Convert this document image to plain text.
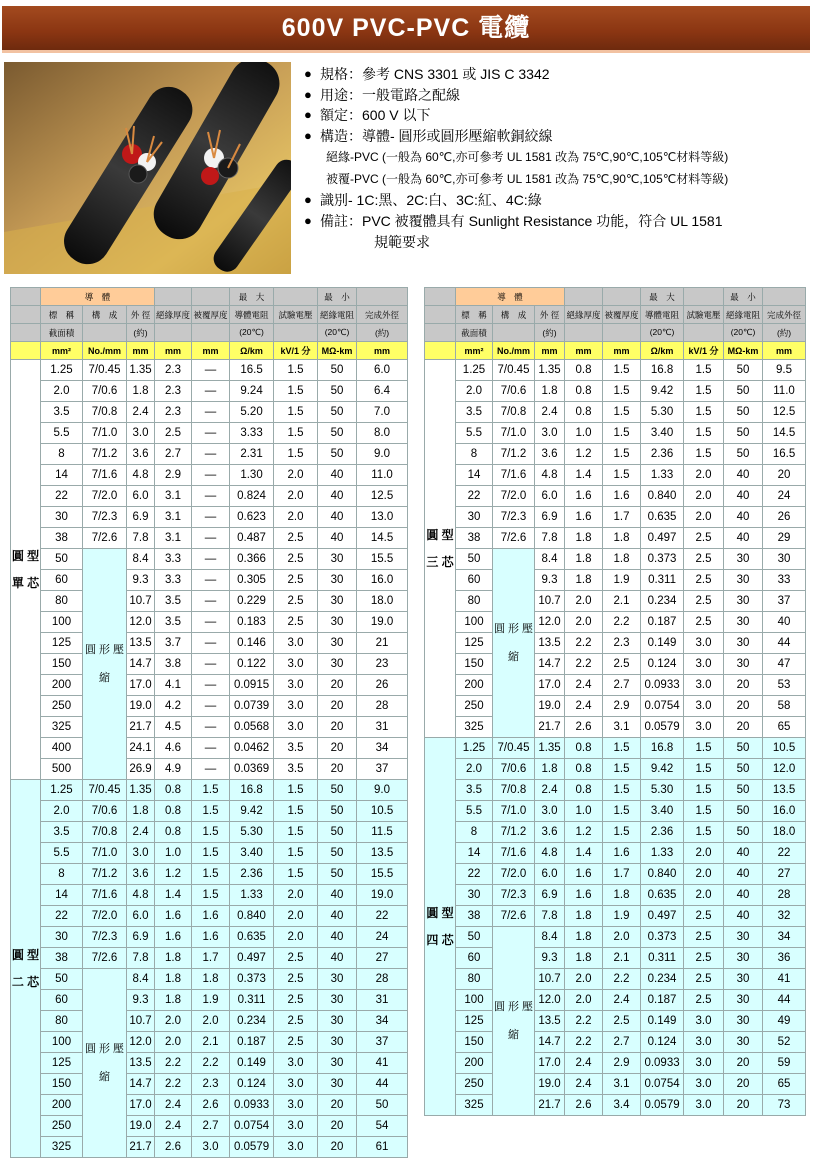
600V PVC-PVC 電纜
● 規格：參考 CNS 3301 或 JIS C 3342
● 用途：一般電路之配線
● 額定：600 V 以下
● 構造：導體- 圓形或圓形壓縮軟銅絞線
絕緣-PVC (一般為 60℃,亦可參考 UL 1581 改為 75℃,90℃,105℃材料等級)
被覆-PVC (一般為 60℃,亦可參考 UL 1581 改為 75℃,90℃,105℃材料等級)
● 識別- 1C:黑、2C:白、3C:紅、4C:綠
● 備註：PVC 被覆體具有 Sunlight Resistance 功能，符合 UL 1581
規範要求
	導　體					最　大		最　小	
	標　稱	構　成	外 徑	絕緣厚度	被覆厚度	導體電阻	試驗電壓	絕緣電阻	完成外徑
	截面積		(約)			(20℃)		(20℃)	(約)
	mm²	No./mm	mm	mm	mm	Ω/km	kV/1 分	MΩ-km	mm
圓 型 單 芯	1.25	7/0.45	1.35	2.3	—	16.5	1.5	50	6.0
	2.0	7/0.6	1.8	2.3	—	9.24	1.5	50	6.4
	3.5	7/0.8	2.4	2.3	—	5.20	1.5	50	7.0
	5.5	7/1.0	3.0	2.5	—	3.33	1.5	50	8.0
	8	7/1.2	3.6	2.7	—	2.31	1.5	50	9.0
	14	7/1.6	4.8	2.9	—	1.30	2.0	40	11.0
	22	7/2.0	6.0	3.1	—	0.824	2.0	40	12.5
	30	7/2.3	6.9	3.1	—	0.623	2.0	40	13.0
	38	7/2.6	7.8	3.1	—	0.487	2.5	40	14.5
	50	圓 形 壓 縮	8.4	3.3	—	0.366	2.5	30	15.5
	60		9.3	3.3	—	0.305	2.5	30	16.0
	80		10.7	3.5	—	0.229	2.5	30	18.0
	100		12.0	3.5	—	0.183	2.5	30	19.0
	125		13.5	3.7	—	0.146	3.0	30	21
	150		14.7	3.8	—	0.122	3.0	30	23
	200		17.0	4.1	—	0.0915	3.0	20	26
	250		19.0	4.2	—	0.0739	3.0	20	28
	325		21.7	4.5	—	0.0568	3.0	20	31
	400		24.1	4.6	—	0.0462	3.5	20	34
	500		26.9	4.9	—	0.0369	3.5	20	37
圓 型 二 芯	1.25	7/0.45	1.35	0.8	1.5	16.8	1.5	50	9.0
	2.0	7/0.6	1.8	0.8	1.5	9.42	1.5	50	10.5
	3.5	7/0.8	2.4	0.8	1.5	5.30	1.5	50	11.5
	5.5	7/1.0	3.0	1.0	1.5	3.40	1.5	50	13.5
	8	7/1.2	3.6	1.2	1.5	2.36	1.5	50	15.5
	14	7/1.6	4.8	1.4	1.5	1.33	2.0	40	19.0
	22	7/2.0	6.0	1.6	1.6	0.840	2.0	40	22
	30	7/2.3	6.9	1.6	1.6	0.635	2.0	40	24
	38	7/2.6	7.8	1.8	1.7	0.497	2.5	40	27
	50	圓 形 壓 縮	8.4	1.8	1.8	0.373	2.5	30	28
	60		9.3	1.8	1.9	0.311	2.5	30	31
	80		10.7	2.0	2.0	0.234	2.5	30	34
	100		12.0	2.0	2.1	0.187	2.5	30	37
	125		13.5	2.2	2.2	0.149	3.0	30	41
	150		14.7	2.2	2.3	0.124	3.0	30	44
	200		17.0	2.4	2.6	0.0933	3.0	20	50
	250		19.0	2.4	2.7	0.0754	3.0	20	54
	325		21.7	2.6	3.0	0.0579	3.0	20	61
	導　體					最　大		最　小	
	標　稱	構　成	外 徑	絕緣厚度	被覆厚度	導體電阻	試驗電壓	絕緣電阻	完成外徑
	截面積		(約)			(20℃)		(20℃)	(約)
	mm²	No./mm	mm	mm	mm	Ω/km	kV/1 分	MΩ-km	mm
圓 型 三 芯	1.25	7/0.45	1.35	0.8	1.5	16.8	1.5	50	9.5
	2.0	7/0.6	1.8	0.8	1.5	9.42	1.5	50	11.0
	3.5	7/0.8	2.4	0.8	1.5	5.30	1.5	50	12.5
	5.5	7/1.0	3.0	1.0	1.5	3.40	1.5	50	14.5
	8	7/1.2	3.6	1.2	1.5	2.36	1.5	50	16.5
	14	7/1.6	4.8	1.4	1.5	1.33	2.0	40	20
	22	7/2.0	6.0	1.6	1.6	0.840	2.0	40	24
	30	7/2.3	6.9	1.6	1.7	0.635	2.0	40	26
	38	7/2.6	7.8	1.8	1.8	0.497	2.5	40	29
	50	圓 形 壓 縮	8.4	1.8	1.8	0.373	2.5	30	30
	60		9.3	1.8	1.9	0.311	2.5	30	33
	80		10.7	2.0	2.1	0.234	2.5	30	37
	100		12.0	2.0	2.2	0.187	2.5	30	40
	125		13.5	2.2	2.3	0.149	3.0	30	44
	150		14.7	2.2	2.5	0.124	3.0	30	47
	200		17.0	2.4	2.7	0.0933	3.0	20	53
	250		19.0	2.4	2.9	0.0754	3.0	20	58
	325		21.7	2.6	3.1	0.0579	3.0	20	65
圓 型 四 芯	1.25	7/0.45	1.35	0.8	1.5	16.8	1.5	50	10.5
	2.0	7/0.6	1.8	0.8	1.5	9.42	1.5	50	12.0
	3.5	7/0.8	2.4	0.8	1.5	5.30	1.5	50	13.5
	5.5	7/1.0	3.0	1.0	1.5	3.40	1.5	50	16.0
	8	7/1.2	3.6	1.2	1.5	2.36	1.5	50	18.0
	14	7/1.6	4.8	1.4	1.6	1.33	2.0	40	22
	22	7/2.0	6.0	1.6	1.7	0.840	2.0	40	27
	30	7/2.3	6.9	1.6	1.8	0.635	2.0	40	28
	38	7/2.6	7.8	1.8	1.9	0.497	2.5	40	32
	50	圓 形 壓 縮	8.4	1.8	2.0	0.373	2.5	30	34
	60		9.3	1.8	2.1	0.311	2.5	30	36
	80		10.7	2.0	2.2	0.234	2.5	30	41
	100		12.0	2.0	2.4	0.187	2.5	30	44
	125		13.5	2.2	2.5	0.149	3.0	30	49
	150		14.7	2.2	2.7	0.124	3.0	30	52
	200		17.0	2.4	2.9	0.0933	3.0	20	59
	250		19.0	2.4	3.1	0.0754	3.0	20	65
	325		21.7	2.6	3.4	0.0579	3.0	20	73
